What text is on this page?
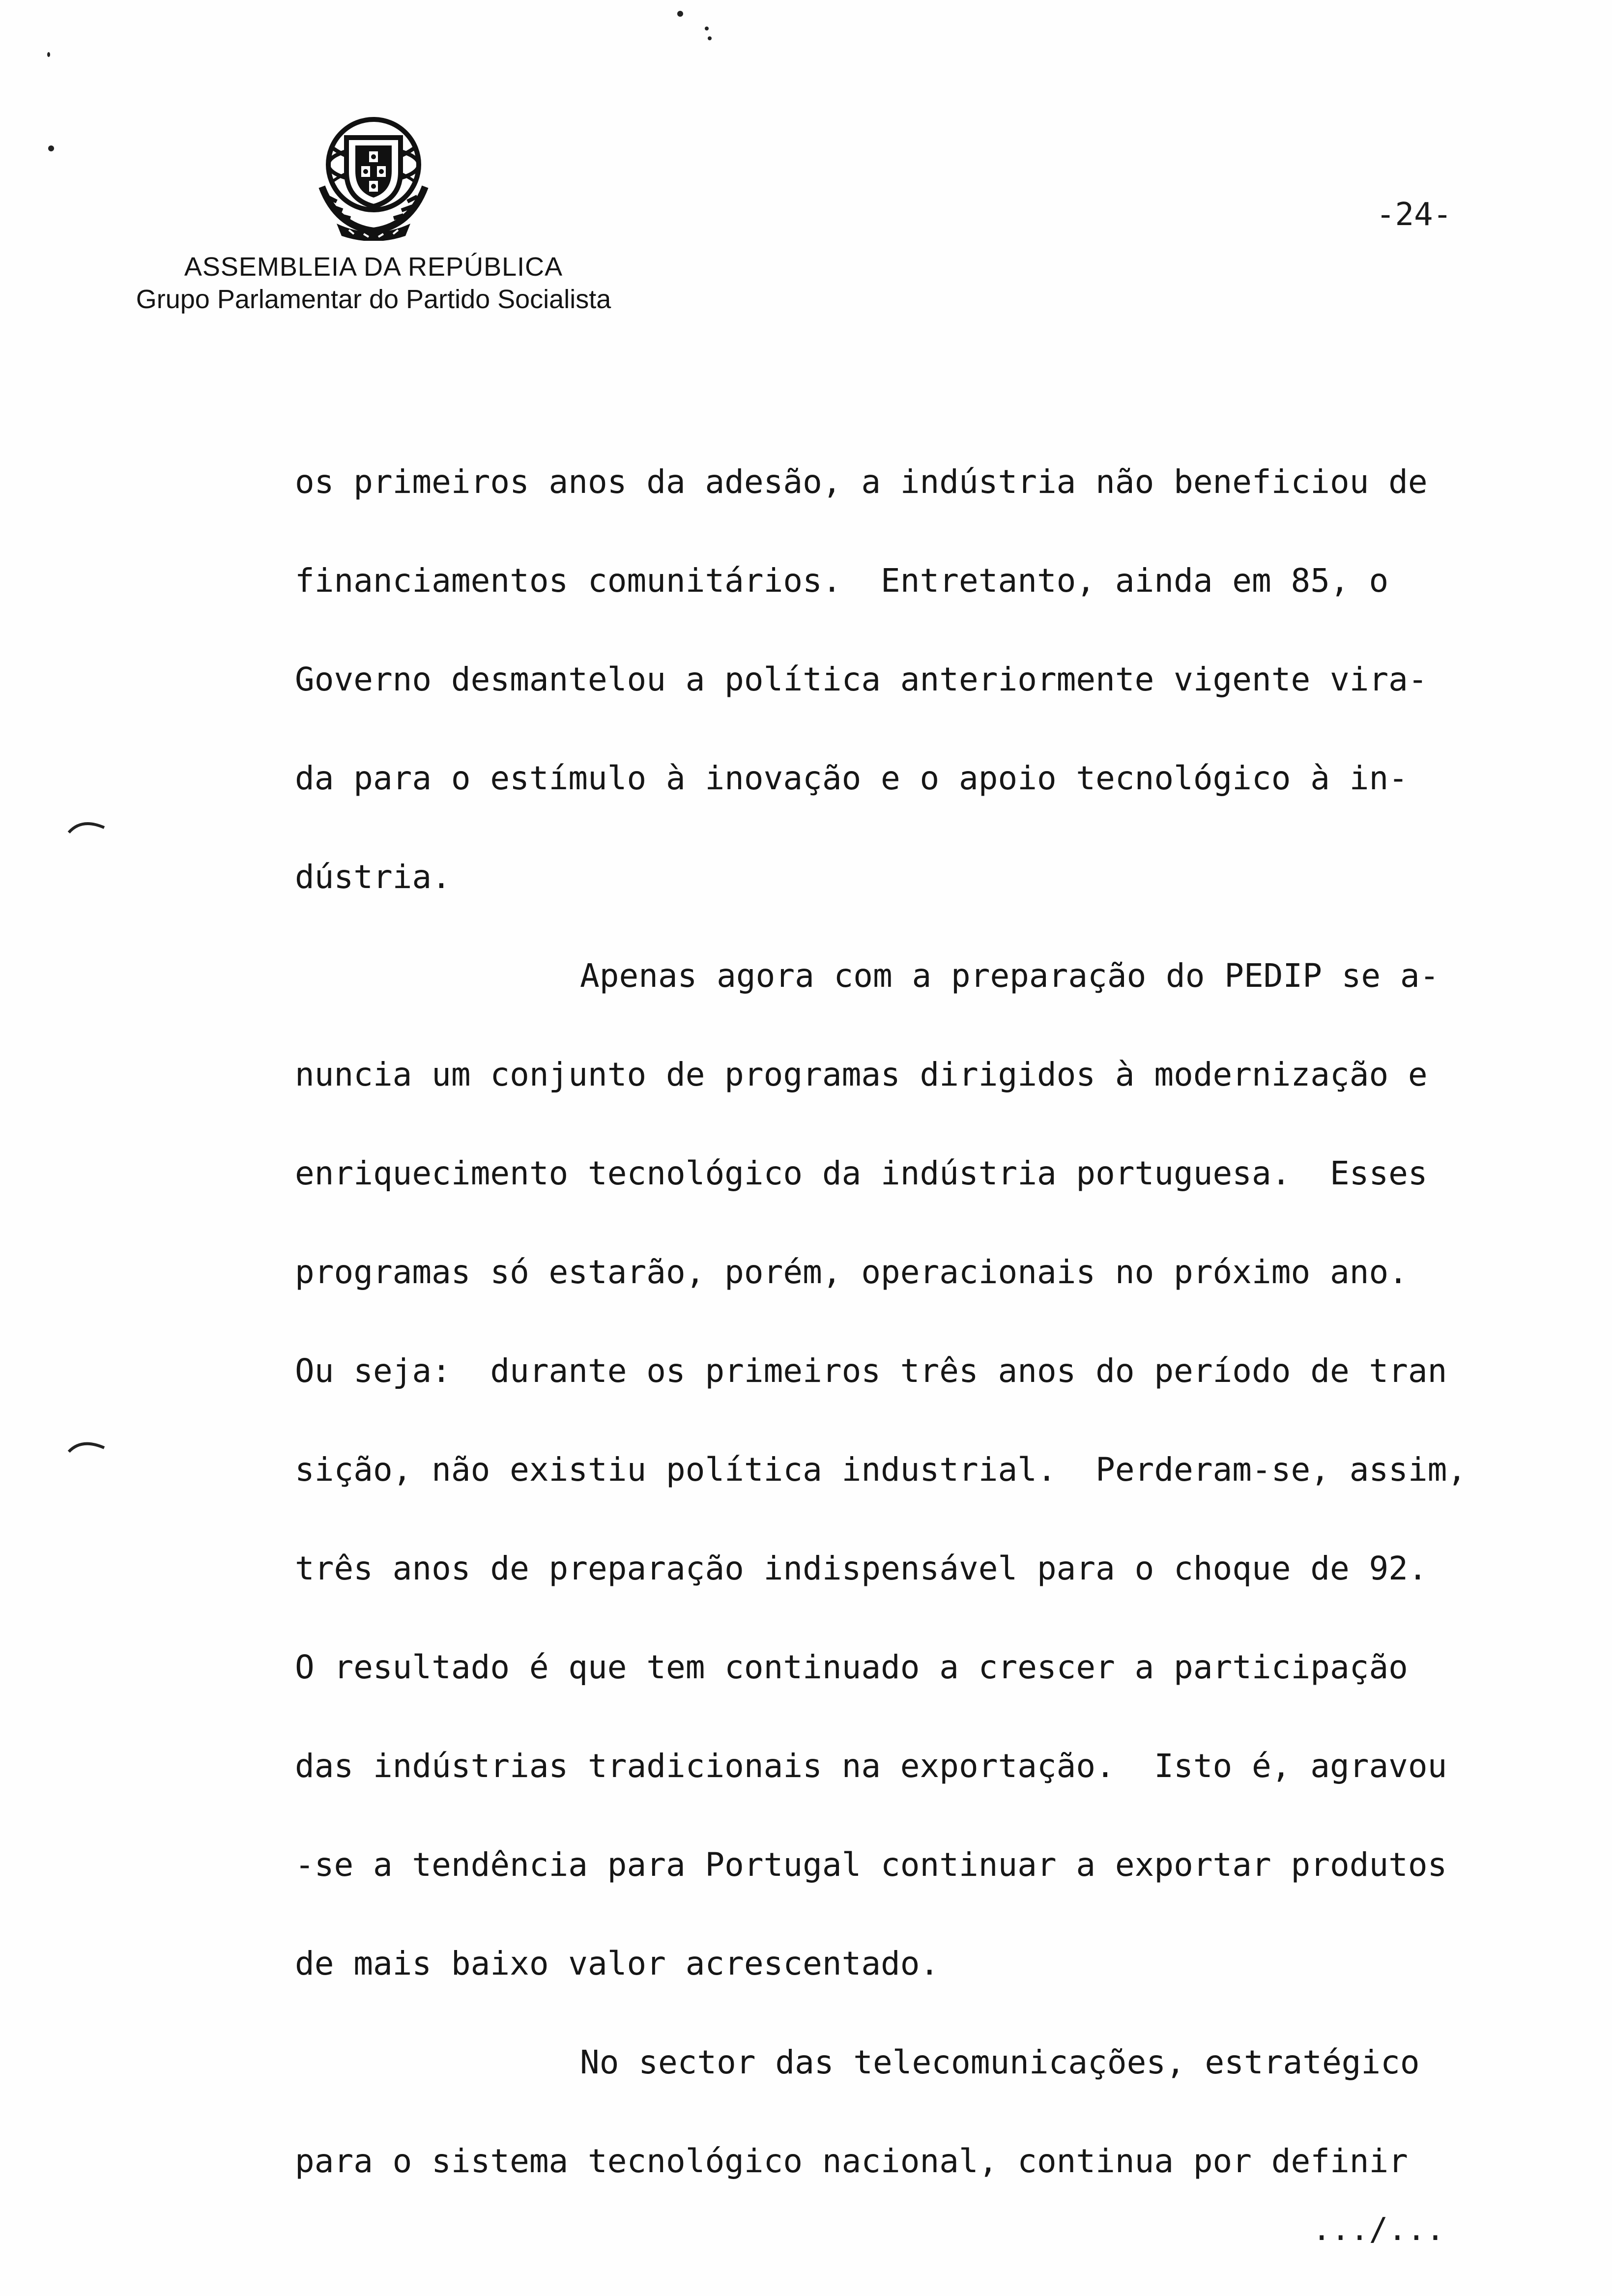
ASSEMBLEIA DA REPÚBLICA
Grupo Parlamentar do Partido Socialista
-24-
os primeiros anos da adesão, a indústria não beneficiou de
financiamentos comunitários.  Entretanto, ainda em 85, o
Governo desmantelou a política anteriormente vigente vira-
da para o estímulo à inovação e o apoio tecnológico à in-
dústria.
Apenas agora com a preparação do PEDIP se a-
nuncia um conjunto de programas dirigidos à modernização e
enriquecimento tecnológico da indústria portuguesa.  Esses
programas só estarão, porém, operacionais no próximo ano.
Ou seja:  durante os primeiros três anos do período de tran
sição, não existiu política industrial.  Perderam-se, assim,
três anos de preparação indispensável para o choque de 92.
O resultado é que tem continuado a crescer a participação
das indústrias tradicionais na exportação.  Isto é, agravou
-se a tendência para Portugal continuar a exportar produtos
de mais baixo valor acrescentado.
No sector das telecomunicações, estratégico
para o sistema tecnológico nacional, continua por definir
.../...
